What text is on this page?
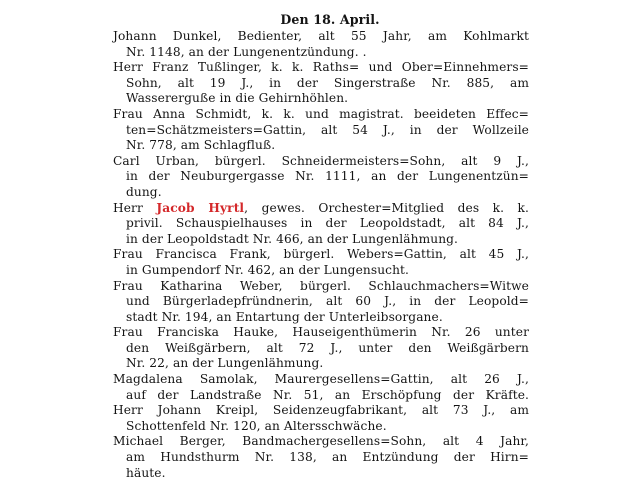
Den 18. April.
Johann Dunkel, Bedienter, alt 55 Jahr, am Kohlmarkt
Nr. 1148, an der Lungenentzündung. .
Herr Franz Tußlinger, k. k. Raths= und Ober=Einnehmers=
Sohn, alt 19 J., in der Singerstraße Nr. 885, am
Wassererguße in die Gehirnhöhlen.
Frau Anna Schmidt, k. k. und magistrat. beeideten Effec=
ten=Schätzmeisters=Gattin, alt 54 J., in der Wollzeile
Nr. 778, am Schlagfluß.
Carl Urban, bürgerl. Schneidermeisters=Sohn, alt 9 J.,
in der Neuburgergasse Nr. 1111, an der Lungenentzün=
dung.
Herr Jacob Hyrtl, gewes. Orchester=Mitglied des k. k.
privil. Schauspielhauses in der Leopoldstadt, alt 84 J.,
in der Leopoldstadt Nr. 466, an der Lungenlähmung.
Frau Francisca Frank, bürgerl. Webers=Gattin, alt 45 J.,
in Gumpendorf Nr. 462, an der Lungensucht.
Frau Katharina Weber, bürgerl. Schlauchmachers=Witwe
und Bürgerladepfründnerin, alt 60 J., in der Leopold=
stadt Nr. 194, an Entartung der Unterleibsorgane.
Frau Franciska Hauke, Hauseigenthümerin Nr. 26 unter
den Weißgärbern, alt 72 J., unter den Weißgärbern
Nr. 22, an der Lungenlähmung.
Magdalena Samolak, Maurergesellens=Gattin, alt 26 J.,
auf der Landstraße Nr. 51, an Erschöpfung der Kräfte.
Herr Johann Kreipl, Seidenzeugfabrikant, alt 73 J., am
Schottenfeld Nr. 120, an Altersschwäche.
Michael Berger, Bandmachergesellens=Sohn, alt 4 Jahr,
am Hundsthurm Nr. 138, an Entzündung der Hirn=
häute.
